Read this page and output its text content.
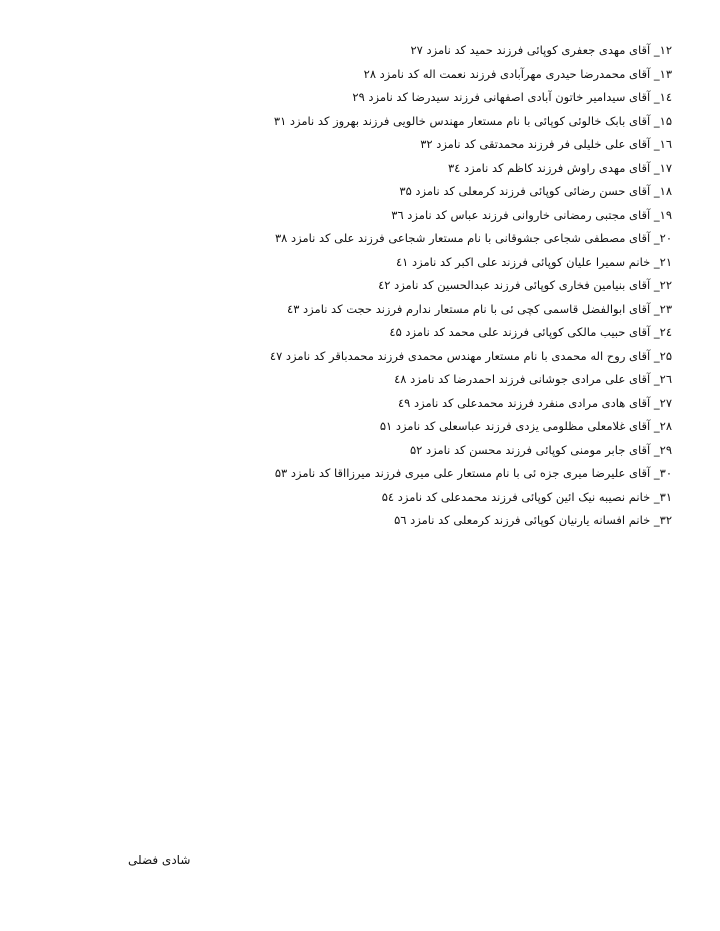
۱۲_ آقای مهدی جعفری کوپائی فرزند حمید کد نامزد ۲۷
۱۳_ آقای محمدرضا حیدری مهرآبادی فرزند نعمت اله کد نامزد ۲۸
۱٤_ آقای سیدامیر خاتون آبادی اصفهانی فرزند سیدرضا کد نامزد ۲۹
۱۵_ آقای بابک خالوئی کوپائی با نام مستعار مهندس خالویی فرزند بهروز کد نامزد ۳۱
۱٦_ آقای علی خلیلی فر فرزند محمدتقی کد نامزد ۳۲
۱۷_ آقای مهدی راوش فرزند کاظم کد نامزد ۳٤
۱۸_ آقای حسن رضائی کوپائی فرزند کرمعلی کد نامزد ۳۵
۱۹_ آقای مجتبی رمضانی خاروانی فرزند عباس کد نامزد ۳٦
۲۰_ آقای مصطفی شجاعی جشوقانی با نام مستعار شجاعی فرزند علی کد نامزد ۳۸
۲۱_ خانم سمیرا علیان کوپائی فرزند علی اکبر کد نامزد ٤۱
۲۲_ آقای بنیامین فخاری کوپائی فرزند عبدالحسین کد نامزد ٤۲
۲۳_ آقای ابوالفضل قاسمی کچی ئی با نام مستعار ندارم فرزند حجت کد نامزد ٤۳
۲٤_ آقای حبیب مالکی کوپائی فرزند علی محمد کد نامزد ٤۵
۲۵_ آقای روح اله محمدی با نام مستعار مهندس محمدی فرزند محمدباقر کد نامزد ٤۷
۲٦_ آقای علی مرادی جوشانی فرزند احمدرضا کد نامزد ٤۸
۲۷_ آقای هادی مرادی منفرد فرزند محمدعلی کد نامزد ٤۹
۲۸_ آقای غلامعلی مظلومی یزدی فرزند عباسعلی کد نامزد ۵۱
۲۹_ آقای جابر مومنی کوپائی فرزند محسن کد نامزد ۵۲
۳۰_ آقای علیرضا میری جزه ئی با نام مستعار علی میری فرزند میرزااقا کد نامزد ۵۳
۳۱_ خانم نصیبه نیک ائین کوپائی فرزند محمدعلی کد نامزد ۵٤
۳۲_ خانم افسانه یارنیان کوپائی فرزند کرمعلی کد نامزد ۵٦
شادی فضلی
